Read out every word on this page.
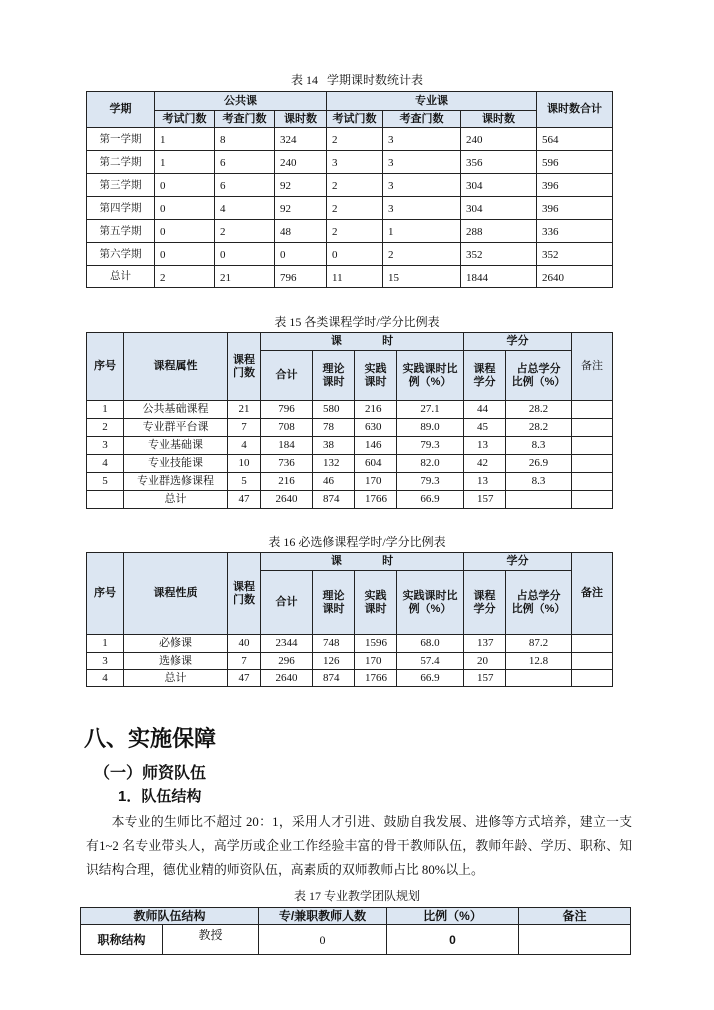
表 14   学期课时数统计表
学期	公共课			专业课			课时数合计
	考试门数	考查门数	课时数	考试门数	考查门数	课时数	
第一学期	1	8	324	2	3	240	564
第二学期	1	6	240	3	3	356	596
第三学期	0	6	92	2	3	304	396
第四学期	0	4	92	2	3	304	396
第五学期	0	2	48	2	1	288	336
第六学期	0	0	0	0	2	352	352
总计	2	21	796	11	15	1844	2640
表 15 各类课程学时/学分比例表
序号	课程属性	课程门数	课    时				学分		备注
			合计	理论课时	实践课时	实践课时比例（%）	课程学分	占总学分比例（%）	
1	公共基础课程	21	796	580	216	27.1	44	28.2	
2	专业群平台课	7	708	78	630	89.0	45	28.2	
3	专业基础课	4	184	38	146	79.3	13	8.3	
4	专业技能课	10	736	132	604	82.0	42	26.9	
5	专业群选修课程	5	216	46	170	79.3	13	8.3	
	总计	47	2640	874	1766	66.9	157		
表 16 必选修课程学时/学分比例表
序号	课程性质	课程门数	课    时				学分		备注
			合计	理论课时	实践课时	实践课时比例（%）	课程学分	占总学分比例（%）	
1	必修课	40	2344	748	1596	68.0	137	87.2	
3	选修课	7	296	126	170	57.4	20	12.8	
4	总计	47	2640	874	1766	66.9	157		
八、实施保障
（一）师资队伍
1．队伍结构
本专业的生师比不超过 20：1，采用人才引进、鼓励自我发展、进修等方式培养，建立一支有1~2 名专业带头人，高学历或企业工作经验丰富的骨干教师队伍，教师年龄、学历、职称、知识结构合理，德优业精的师资队伍，高素质的双师教师占比 80%以上。
表 17 专业教学团队规划
教师队伍结构		专/兼职教师人数	比例（%）	备注
职称结构	教授	0	0	
